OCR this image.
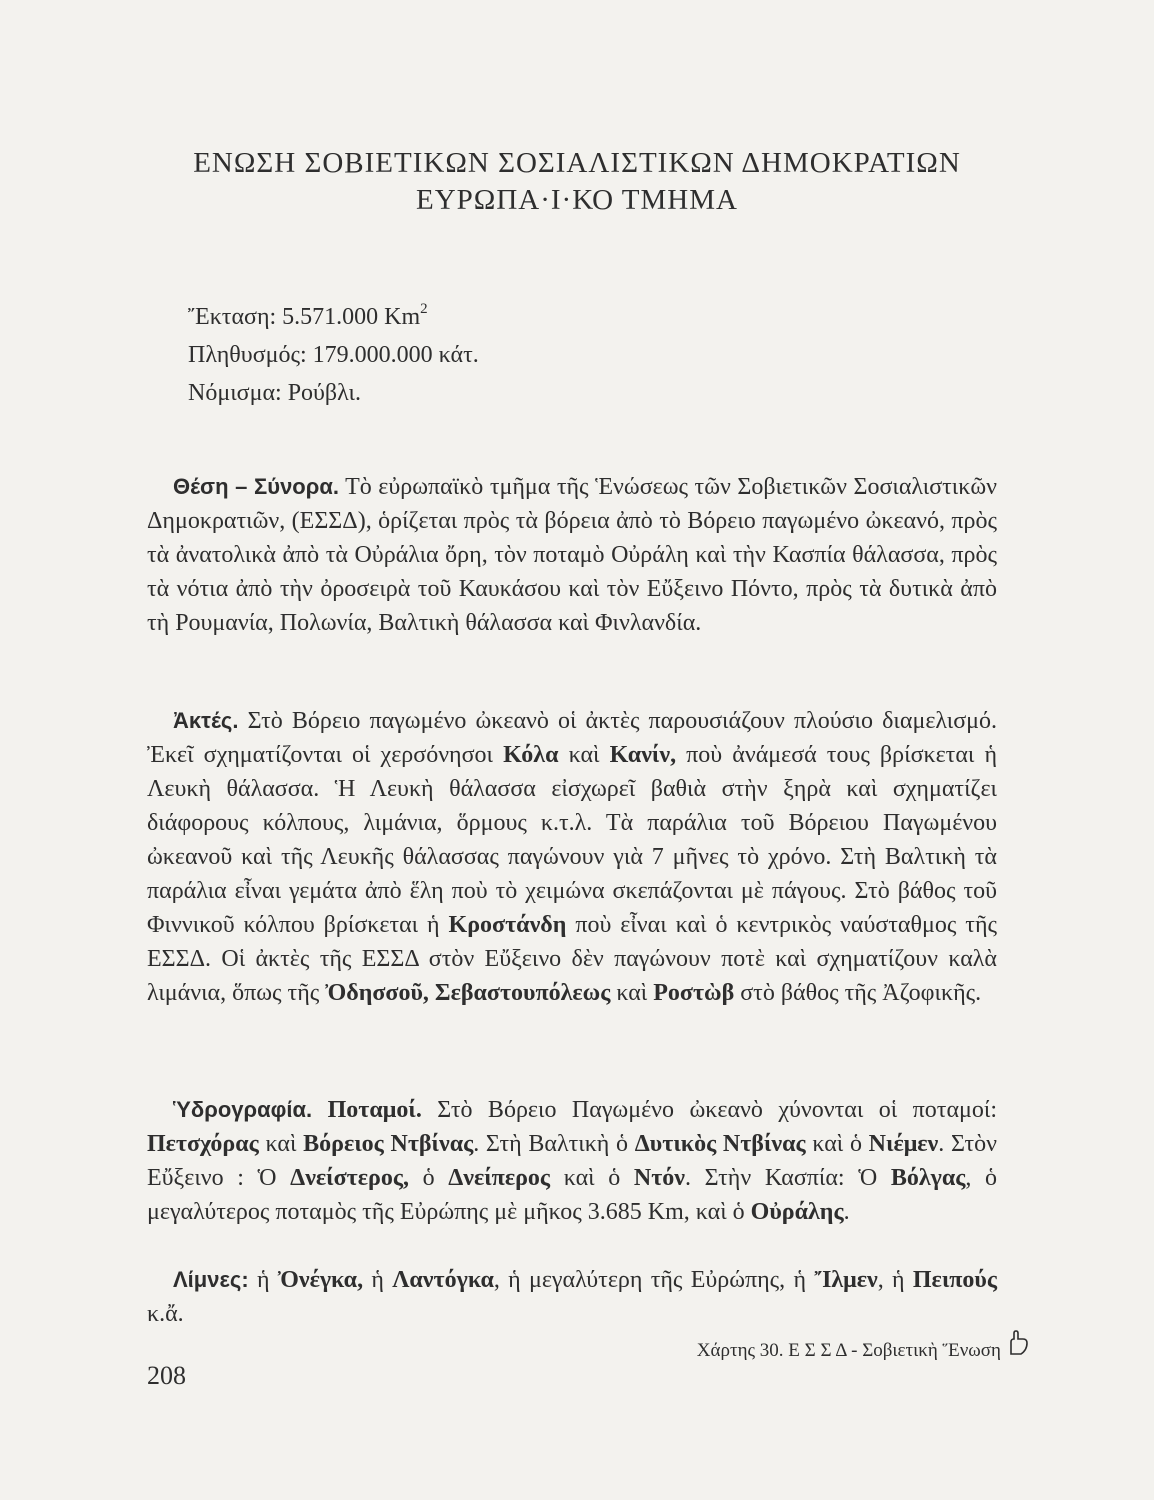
ΕΝΩΣΗ ΣΟΒΙΕΤΙΚΩΝ ΣΟΣΙΑΛΙΣΤΙΚΩΝ ΔΗΜΟΚΡΑΤΙΩΝ
ΕΥΡΩΠΑ·Ι·ΚΟ ΤΜΗΜΑ
Ἔκταση: 5.571.000 Km$^2$
Πληθυσμός: 179.000.000 κάτ.
Νόμισμα: Ρούβλι.

Θέση – Σύνορα. Τὸ εὐρωπαϊκὸ τμῆμα τῆς Ἑνώσεως τῶν Σοβιετικῶν Σοσιαλιστικῶν Δημοκρατιῶν, (ΕΣΣΔ), ὁρίζεται πρὸς τὰ βόρεια ἀπὸ τὸ Βόρειο παγωμένο ὠκεανό, πρὸς τὰ ἀνατολικὰ ἀπὸ τὰ Οὐράλια ὄρη, τὸν ποταμὸ Οὐράλη καὶ τὴν Κασπία θάλασσα, πρὸς τὰ νότια ἀπὸ τὴν ὀροσειρὰ τοῦ Καυκάσου καὶ τὸν Εὔξεινο Πόντο, πρὸς τὰ δυτικὰ ἀπὸ τὴ Ρουμανία, Πολωνία, Βαλτικὴ θάλασσα καὶ Φινλανδία.

Ἀκτές. Στὸ Βόρειο παγωμένο ὠκεανὸ οἱ ἀκτὲς παρουσιάζουν πλούσιο διαμελισμό. Ἐκεῖ σχηματίζονται οἱ χερσόνησοι Κόλα καὶ Κανίν, ποὺ ἀνάμεσά τους βρίσκεται ἡ Λευκὴ θάλασσα. Ἡ Λευκὴ θάλασσα εἰσχωρεῖ βαθιὰ στὴν ξηρὰ καὶ σχηματίζει διάφορους κόλπους, λιμάνια, ὅρμους κ.τ.λ. Τὰ παράλια τοῦ Βόρειου Παγωμένου ὠκεανοῦ καὶ τῆς Λευκῆς θάλασσας παγώνουν γιὰ 7 μῆνες τὸ χρόνο. Στὴ Βαλτικὴ τὰ παράλια εἶναι γεμάτα ἀπὸ ἕλη ποὺ τὸ χειμώνα σκεπάζονται μὲ πάγους. Στὸ βάθος τοῦ Φιννικοῦ κόλπου βρίσκεται ἡ Κροστάνδη ποὺ εἶναι καὶ ὁ κεντρικὸς ναύσταθμος τῆς ΕΣΣΔ. Οἱ ἀκτὲς τῆς ΕΣΣΔ στὸν Εὔξεινο δὲν παγώνουν ποτὲ καὶ σχηματίζουν καλὰ λιμάνια, ὅπως τῆς Ὀδησσοῦ, Σεβαστουπόλεως καὶ Ροστὼβ στὸ βάθος τῆς Ἀζοφικῆς.

Ὑδρογραφία. Ποταμοί. Στὸ Βόρειο Παγωμένο ὠκεανὸ χύνονται οἱ ποταμοί: Πετσχόρας καὶ Βόρειος Ντβίνας. Στὴ Βαλτικὴ ὁ Δυτικὸς Ντβίνας καὶ ὁ Νιέμεν. Στὸν Εὔξεινο : Ὁ Δνείστερος, ὁ Δνείπερος καὶ ὁ Ντόν. Στὴν Κασπία: Ὁ Βόλγας, ὁ μεγαλύτερος ποταμὸς τῆς Εὐρώπης μὲ μῆκος 3.685 Km, καὶ ὁ Οὐράλης.

Λίμνες: ἡ Ὀνέγκα, ἡ Λαντόγκα, ἡ μεγαλύτερη τῆς Εὐρώπης, ἡ Ἴλμεν, ἡ Πειπούς κ.ἄ.

Χάρτης 30. Ε Σ Σ Δ - Σοβιετικὴ Ἕνωση
208
